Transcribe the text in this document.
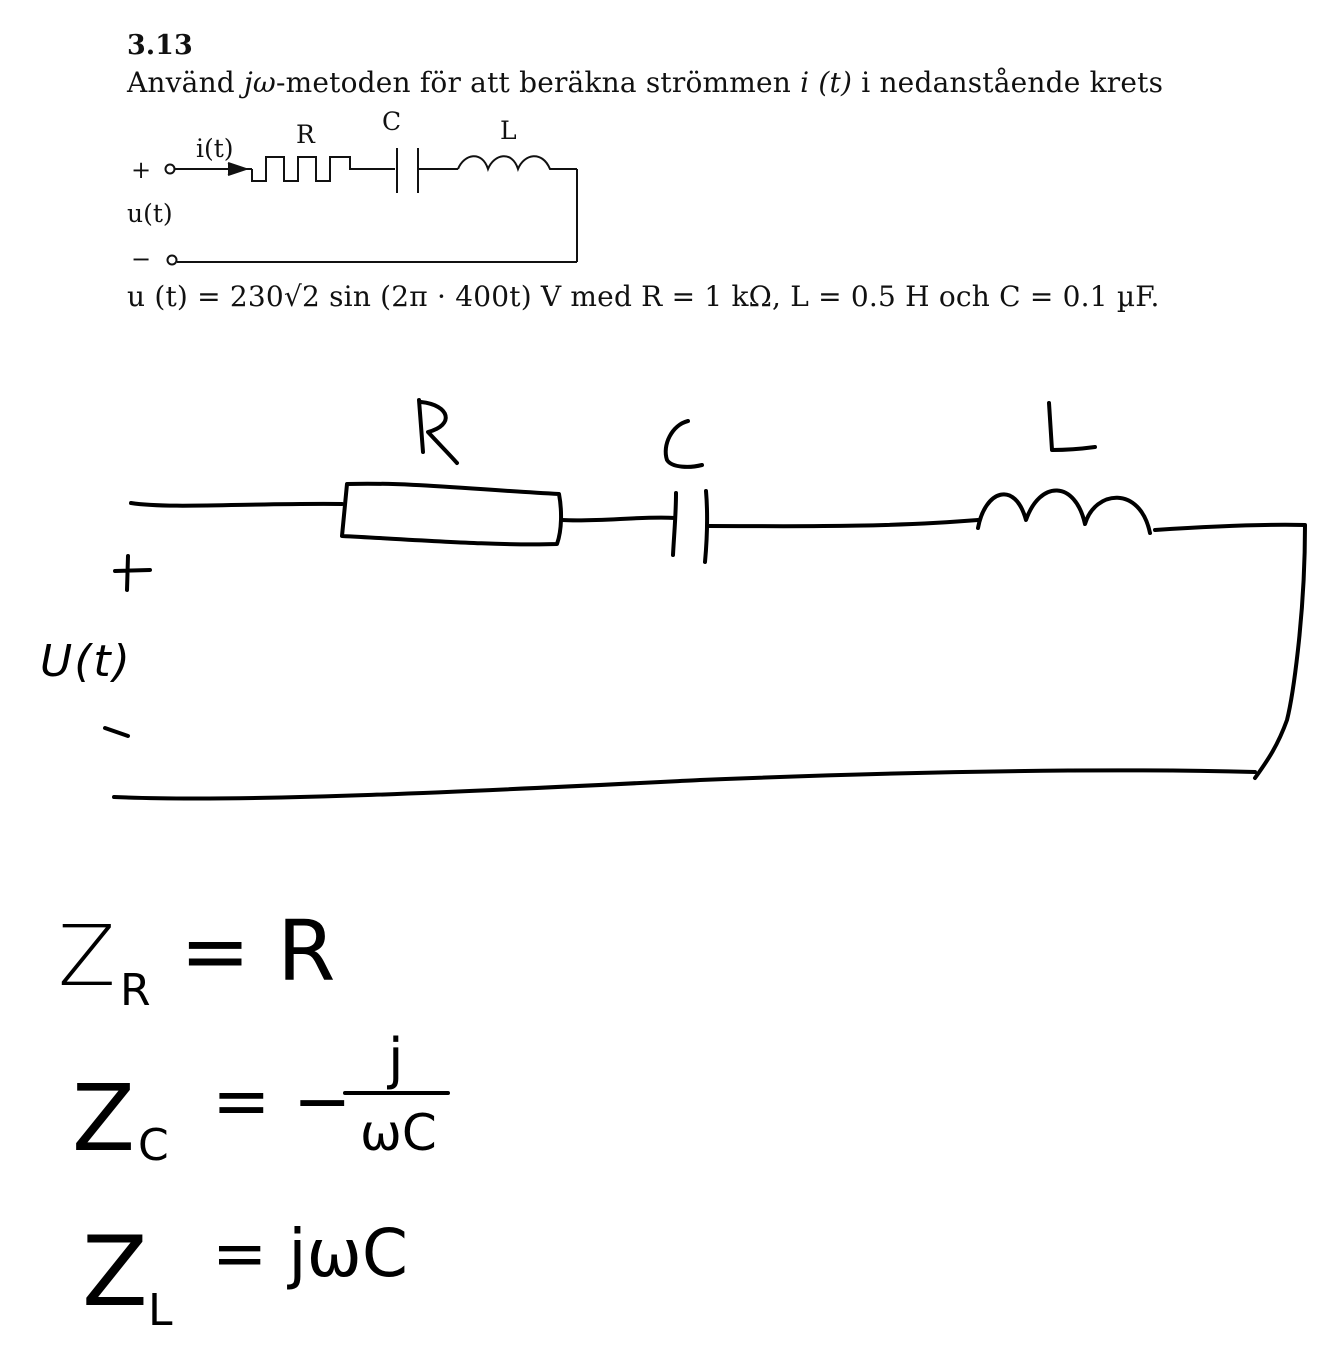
3.13
Använd jω-metoden för att beräkna strömmen i (t) i nedanstående krets
+
−
i(t)
u(t)
R	C	L
u (t) = 230√2 sin (2π · 400t) V med R = 1 kΩ, L = 0.5 H och C = 0.1 µF.
R
C
L
+
U(t)
−
Z R = R
Z C
= −
j
ωC
Z L
= jωC
